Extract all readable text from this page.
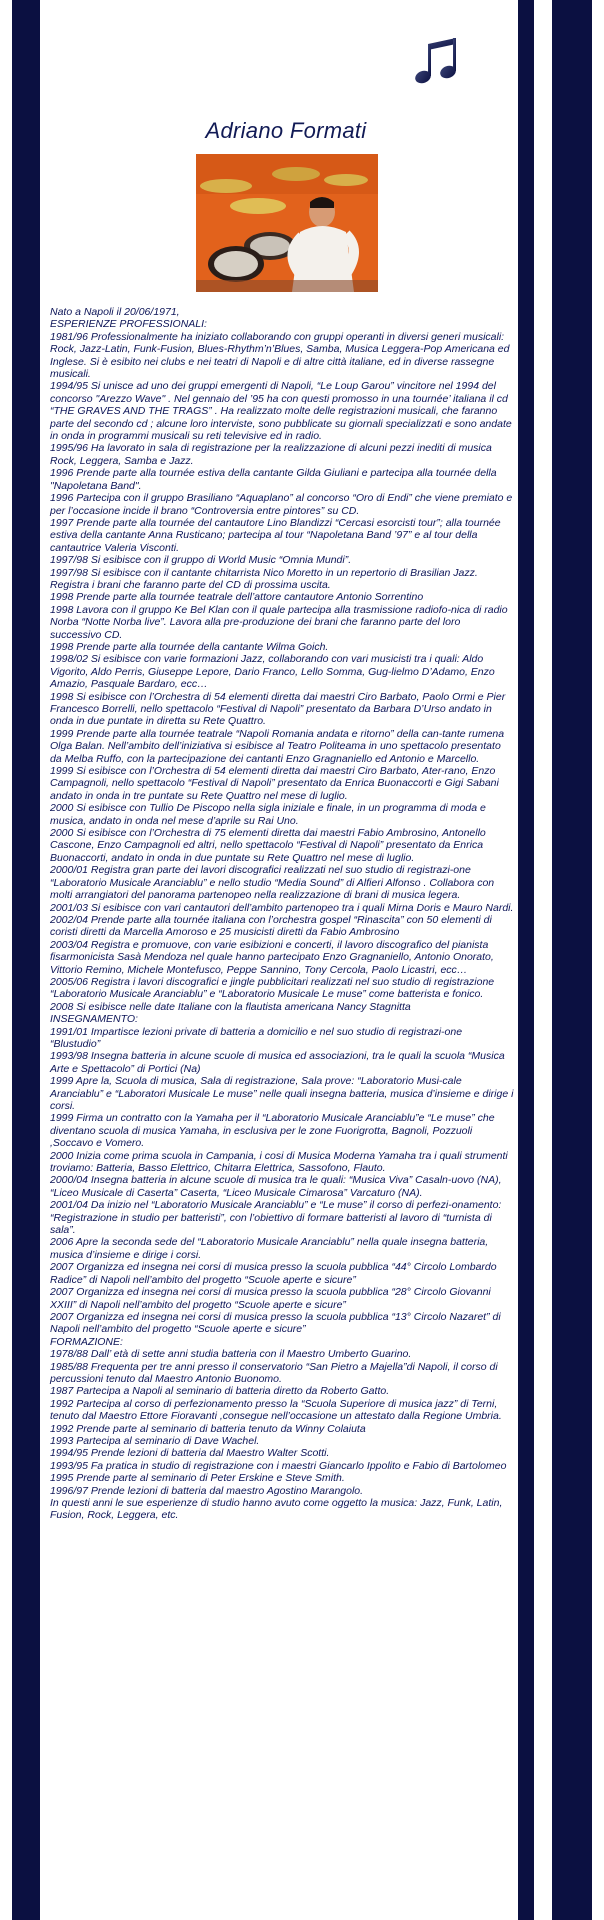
Adriano Formati

Nato a Napoli il 20/06/1971,

ESPERIENZE PROFESSIONALI:

1981/96 Professionalmente ha iniziato collaborando con gruppi operanti in diversi generi musicali: Rock, Jazz-Latin, Funk-Fusion, Blues-Rhythm’n’Blues, Samba, Musica Leggera-Pop Americana ed Inglese. Si è esibito nei clubs e nei teatri di Napoli e di altre città italiane, ed in diverse rassegne musicali.

1994/95 Si unisce ad uno dei gruppi emergenti di Napoli, “Le Loup Garou” vincitore nel 1994 del concorso "Arezzo Wave" . Nel gennaio del ’95 ha con questi promosso in una tournée’ italiana il cd “THE GRAVES AND THE TRAGS” . Ha realizzato molte delle registrazioni musicali, che faranno parte del secondo cd ; alcune loro interviste, sono pubblicate su giornali specializzati e sono andate in onda in programmi musicali su reti televisive ed in radio.

1995/96 Ha lavorato in sala di registrazione per la realizzazione di alcuni pezzi inediti di musica Rock, Leggera, Samba e Jazz.

1996 Prende parte alla tournée estiva della cantante Gilda Giuliani e partecipa alla tournée della "Napoletana Band".

1996 Partecipa con il gruppo Brasiliano “Aquaplano” al concorso “Oro di Endi” che viene premiato e per l’occasione incide il brano “Controversia entre pintores” su CD.

1997 Prende parte alla tournée del cantautore Lino Blandizzi “Cercasi esorcisti tour”; alla tournée estiva della cantante Anna Rusticano; partecipa al tour “Napoletana Band ’97” e al tour della cantautrice Valeria Visconti.

1997/98 Si esibisce con il gruppo di World Music “Omnia Mundi”.

1997/98 Si esibisce con il cantante chitarrista Nico Moretto in un repertorio di Brasilian Jazz. Registra i brani che faranno parte del CD di prossima uscita.

1998 Prende parte alla tournée teatrale dell’attore cantautore Antonio Sorrentino

1998 Lavora con il gruppo Ke Bel Klan con il quale partecipa alla trasmissione radiofo-nica di radio Norba “Notte Norba live”. Lavora alla pre-produzione dei brani che faranno parte del loro successivo CD.

1998 Prende parte alla tournée della cantante Wilma Goich.

1998/02 Si esibisce con varie formazioni Jazz, collaborando con vari musicisti tra i quali: Aldo Vigorito, Aldo Perris, Giuseppe Lepore, Dario Franco, Lello Somma, Gug-lielmo D’Adamo, Enzo Amazio, Pasquale Bardaro, ecc…

1998 Si esibisce con l’Orchestra di 54 elementi diretta dai maestri Ciro Barbato, Paolo Ormi e Pier Francesco Borrelli, nello spettacolo “Festival di Napoli” presentato da Barbara D’Urso andato in onda in due puntate in diretta su Rete Quattro.

1999 Prende parte alla tournée teatrale “Napoli Romania andata e ritorno” della can-tante rumena Olga Balan. Nell’ambito dell’iniziativa si esibisce al Teatro Politeama in uno spettacolo presentato da Melba Ruffo, con la partecipazione dei cantanti Enzo Gragnaniello ed Antonio e Marcello.

1999 Si esibisce con l’Orchestra di 54 elementi diretta dai maestri Ciro Barbato, Ater-rano, Enzo Campagnoli, nello spettacolo “Festival di Napoli” presentato da Enrica Buonaccorti e Gigi Sabani andato in onda in tre puntate su Rete Quattro nel mese di luglio.

2000 Si esibisce con Tullio De Piscopo nella sigla iniziale e finale, in un programma di moda e musica, andato in onda nel mese d’aprile su Rai Uno.

2000 Si esibisce con l’Orchestra di 75 elementi diretta dai maestri Fabio Ambrosino, Antonello Cascone, Enzo Campagnoli ed altri, nello spettacolo “Festival di Napoli” presentato da Enrica Buonaccorti, andato in onda in due puntate su Rete Quattro nel mese di luglio.

2000/01 Registra gran parte dei lavori discografici realizzati nel suo studio di registrazi-one “Laboratorio Musicale Aranciablu” e nello studio “Media Sound” di Alfieri Alfonso . Collabora con molti arrangiatori del panorama partenopeo nella realizzazione di brani di musica legera.

2001/03 Si esibisce con vari cantautori dell’ambito partenopeo tra i quali Mirna Doris e Mauro Nardi.

2002/04 Prende parte alla tournée italiana con l’orchestra gospel “Rinascita” con 50 elementi di coristi diretti da Marcella Amoroso e 25 musicisti diretti da Fabio Ambrosino

2003/04 Registra e promuove, con varie esibizioni e concerti, il lavoro discografico del pianista fisarmonicista Sasà Mendoza nel quale hanno partecipato Enzo Gragnaniello, Antonio Onorato, Vittorio Remino, Michele Montefusco, Peppe Sannino, Tony Cercola, Paolo Licastri, ecc…

2005/06 Registra i lavori discografici e jingle pubblicitari realizzati nel suo studio di registrazione “Laboratorio Musicale Aranciablu” e “Laboratorio Musicale Le muse” come batterista e fonico.

2008 Si esibisce nelle date Italiane con la flautista americana Nancy Stagnitta

INSEGNAMENTO:

1991/01 Impartisce lezioni private di batteria a domicilio e nel suo studio di registrazi-one “Blustudio”

1993/98 Insegna batteria in alcune scuole di musica ed associazioni, tra le quali la scuola “Musica Arte e Spettacolo” di Portici (Na)

1999 Apre la, Scuola di musica, Sala di registrazione, Sala prove: “Laboratorio Musi-cale Aranciablu” e “Laboratori Musicale Le muse” nelle quali insegna batteria, musica d’insieme e dirige i corsi.

1999 Firma un contratto con la Yamaha per il “Laboratorio Musicale Aranciablu”e “Le muse” che diventano scuola di musica Yamaha, in esclusiva per le zone Fuorigrotta, Bagnoli, Pozzuoli ,Soccavo e Vomero.

2000 Inizia come prima scuola in Campania, i cosi di Musica Moderna Yamaha tra i quali strumenti troviamo: Batteria, Basso Elettrico, Chitarra Elettrica, Sassofono, Flauto.

2000/04 Insegna batteria in alcune scuole di musica tra le quali: “Musica Viva” Casaln-uovo (NA), “Liceo Musicale di Caserta” Caserta, “Liceo Musicale Cimarosa” Varcaturo (NA).

2001/04 Da inizio nel “Laboratorio Musicale Aranciablu” e “Le muse” il corso di perfezi-onamento: “Registrazione in studio per batteristi”, con l’obiettivo di formare batteristi al lavoro di “turnista di sala”.

2006 Apre la seconda sede del “Laboratorio Musicale Aranciablu” nella quale insegna batteria, musica d’insieme e dirige i corsi.

2007 Organizza ed insegna nei corsi di musica presso la scuola pubblica “44° Circolo Lombardo Radice” di Napoli nell’ambito del progetto “Scuole aperte e sicure”

2007 Organizza ed insegna nei corsi di musica presso la scuola pubblica “28° Circolo Giovanni XXIII” di Napoli nell’ambito del progetto “Scuole aperte e sicure”

2007 Organizza ed insegna nei corsi di musica presso la scuola pubblica “13° Circolo Nazaret” di Napoli nell’ambito del progetto “Scuole aperte e sicure”

FORMAZIONE:

1978/88 Dall’ età di sette anni studia batteria con il Maestro Umberto Guarino.

1985/88 Frequenta per tre anni presso il conservatorio “San Pietro a Majella”di Napoli, il corso di percussioni tenuto dal Maestro Antonio Buonomo.

1987 Partecipa a Napoli al seminario di batteria diretto da Roberto Gatto.

1992 Partecipa al corso di perfezionamento presso la “Scuola Superiore di musica jazz” di Terni, tenuto dal Maestro Ettore Fioravanti ,consegue nell’occasione un attestato dalla Regione Umbria.

1992 Prende parte al seminario di batteria tenuto da Winny Colaiuta

1993 Partecipa al seminario di Dave Wachel.

1994/95 Prende lezioni di batteria dal Maestro Walter Scotti.

1993/95 Fa pratica in studio di registrazione con i maestri Giancarlo Ippolito e Fabio di Bartolomeo

1995 Prende parte al seminario di Peter Erskine e Steve Smith.

1996/97 Prende lezioni di batteria dal maestro Agostino Marangolo.

In questi anni le sue esperienze di studio hanno avuto come oggetto la musica: Jazz, Funk, Latin, Fusion, Rock, Leggera, etc.
